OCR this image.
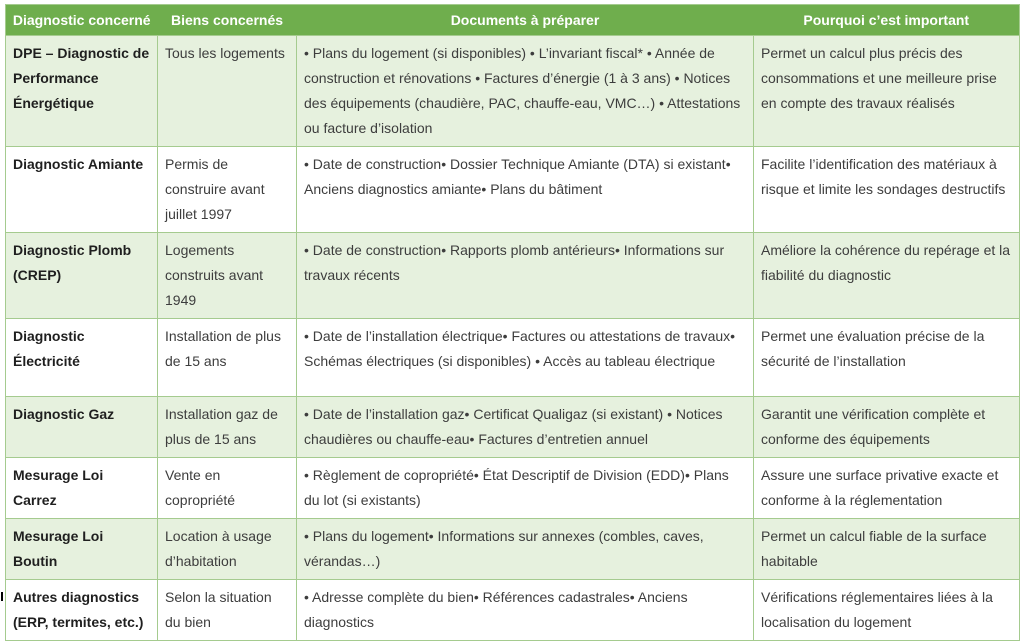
Diagnostic concerné	Biens concernés	Documents à préparer	Pourquoi c’est important
DPE – Diagnostic de Performance Énergétique	Tous les logements	• Plans du logement (si disponibles) • L’invariant fiscal* • Année de construction et rénovations • Factures d’énergie (1 à 3 ans) • Notices des équipements (chaudière, PAC, chauffe-eau, VMC…) • Attestations ou facture d’isolation	Permet un calcul plus précis des consommations et une meilleure prise en compte des travaux réalisés
Diagnostic Amiante	Permis de construire avant juillet 1997	• Date de construction• Dossier Technique Amiante (DTA) si existant• Anciens diagnostics amiante• Plans du bâtiment	Facilite l’identification des matériaux à risque et limite les sondages destructifs
Diagnostic Plomb (CREP)	Logements construits avant 1949	• Date de construction• Rapports plomb antérieurs• Informations sur travaux récents	Améliore la cohérence du repérage et la fiabilité du diagnostic
Diagnostic Électricité	Installation de plus de 15 ans	• Date de l’installation électrique• Factures ou attestations de travaux• Schémas électriques (si disponibles) • Accès au tableau électrique	Permet une évaluation précise de la sécurité de l’installation
Diagnostic Gaz	Installation gaz de plus de 15 ans	• Date de l’installation gaz• Certificat Qualigaz (si existant) • Notices chaudières ou chauffe-eau• Factures d’entretien annuel	Garantit une vérification complète et conforme des équipements
Mesurage Loi Carrez	Vente en copropriété	• Règlement de copropriété• État Descriptif de Division (EDD)• Plans du lot (si existants)	Assure une surface privative exacte et conforme à la réglementation
Mesurage Loi Boutin	Location à usage d’habitation	• Plans du logement• Informations sur annexes (combles, caves, vérandas…)	Permet un calcul fiable de la surface habitable
Autres diagnostics (ERP, termites, etc.)	Selon la situation du bien	• Adresse complète du bien• Références cadastrales• Anciens diagnostics	Vérifications réglementaires liées à la localisation du logement
